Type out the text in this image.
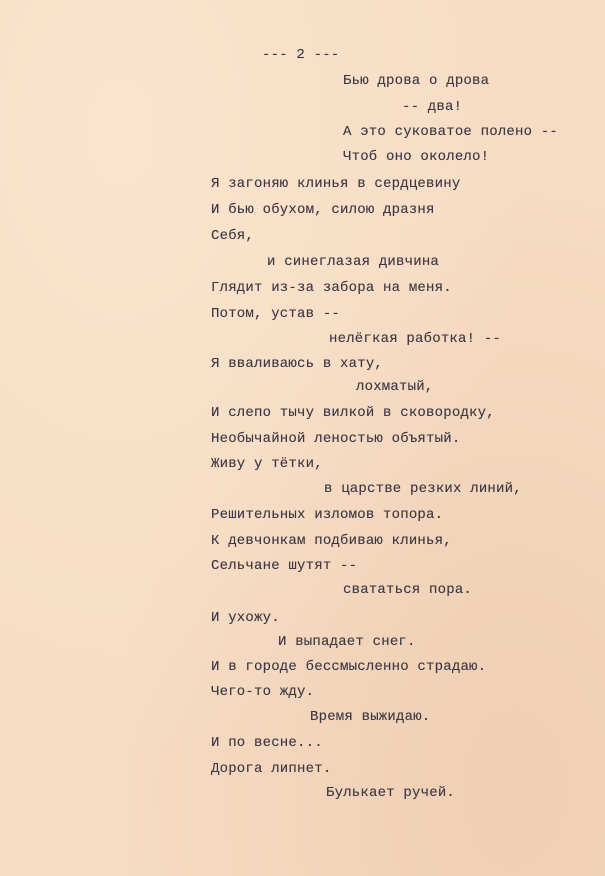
--- 2 ---
Бью дрова о дрова
-- два!
А это суковатое полено --
Чтоб оно околело!
Я загоняю клинья в сердцевину
И бью обухом, силою дразня
Себя,
и синеглазая дивчина
Глядит из-за забора на меня.
Потом, устав --
нелёгкая работка! --
Я вваливаюсь в хату,
лохматый,
И слепо тычу вилкой в сковородку,
Необычайной леностью объятый.
Живу у тётки,
в царстве резких линий,
Решительных изломов топора.
К девчонкам подбиваю клинья,
Сельчане шутят --
свататься пора.
И ухожу.
И выпадает снег.
И в городе бессмысленно страдаю.
Чего-то жду.
Время выжидаю.
И по весне...
Дорога липнет.
Булькает ручей.
